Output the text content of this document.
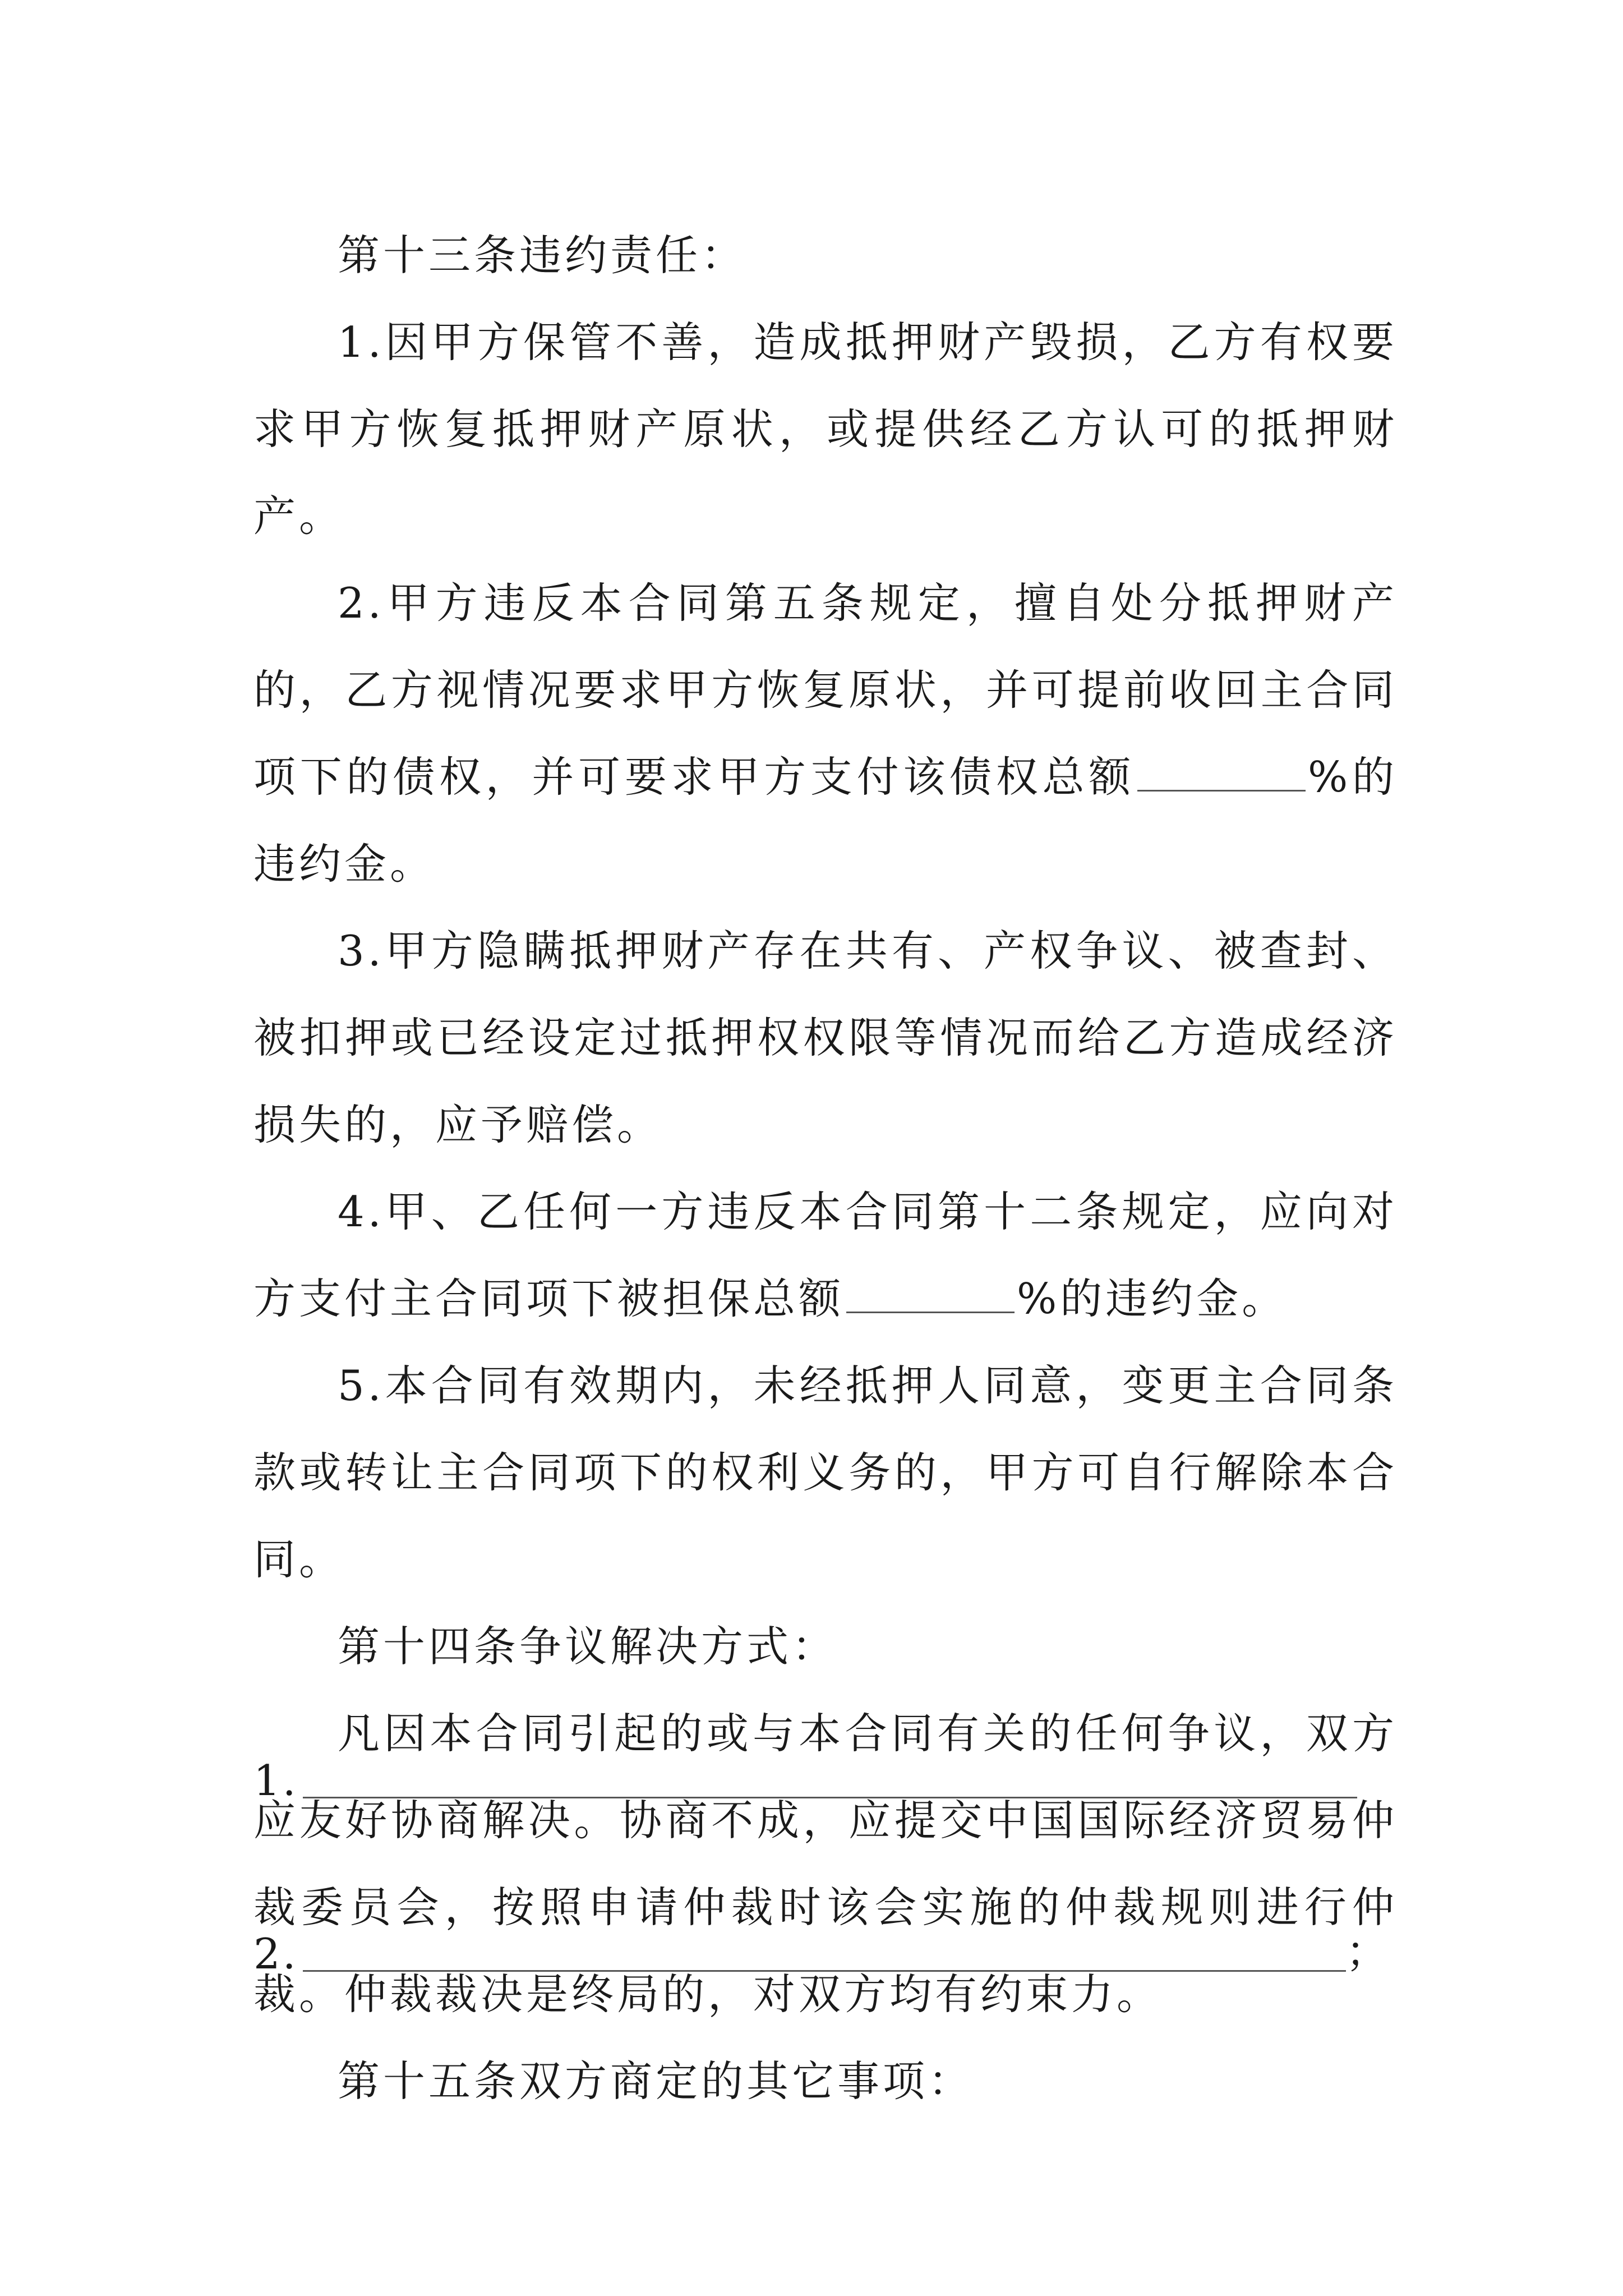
第十三条违约责任：

1.因甲方保管不善，造成抵押财产毁损，乙方有权要求甲方恢复抵押财产原状，或提供经乙方认可的抵押财产。

2.甲方违反本合同第五条规定，擅自处分抵押财产的，乙方视情况要求甲方恢复原状，并可提前收回主合同项下的债权，并可要求甲方支付该债权总额	%的违约金。

3.甲方隐瞒抵押财产存在共有、产权争议、被查封、被扣押或已经设定过抵押权权限等情况而给乙方造成经济损失的，应予赔偿。

4.甲、乙任何一方违反本合同第十二条规定，应向对方支付主合同项下被担保总额	%的违约金。

5.本合同有效期内，未经抵押人同意，变更主合同条款或转让主合同项下的权利义务的，甲方可自行解除本合同。

第十四条争议解决方式：

凡因本合同引起的或与本合同有关的任何争议，双方应友好协商解决。协商不成，应提交中国国际经济贸易仲裁委员会，按照申请仲裁时该会实施的仲裁规则进行仲裁。仲裁裁决是终局的，对双方均有约束力。

第十五条双方商定的其它事项：

1.
2.	；
